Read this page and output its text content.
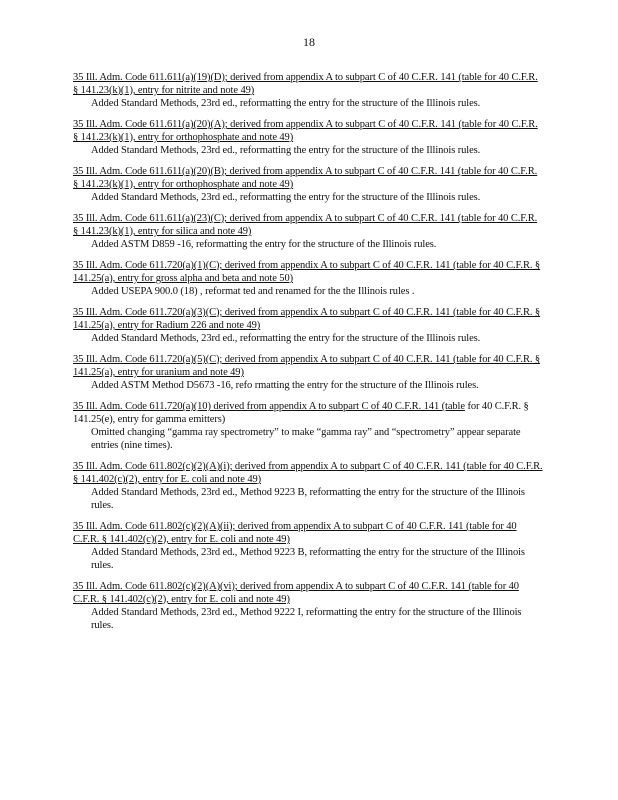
18
35 Ill. Adm. Code 611.611(a)(19)(D); derived from appendix A to subpart C of 40 C.F.R. 141 (table for 40 C.F.R. § 141.23(k)(1), entry for nitrite and note 49)
Added Standard Methods, 23rd ed., reformatting the entry for the structure of the Illinois rules.
35 Ill. Adm. Code 611.611(a)(20)(A); derived from appendix A to subpart C of 40 C.F.R. 141 (table for 40 C.F.R. § 141.23(k)(1), entry for orthophosphate and note 49)
Added Standard Methods, 23rd ed., reformatting the entry for the structure of the Illinois rules.
35 Ill. Adm. Code 611.611(a)(20)(B); derived from appendix A to subpart C of 40 C.F.R. 141 (table for 40 C.F.R. § 141.23(k)(1), entry for orthophosphate and note 49)
Added Standard Methods, 23rd ed., reformatting the entry for the structure of the Illinois rules.
35 Ill. Adm. Code 611.611(a)(23)(C); derived from appendix A to subpart C of 40 C.F.R. 141 (table for 40 C.F.R. § 141.23(k)(1), entry for silica and note 49)
Added ASTM D859 -16, reformatting the entry for the structure of the Illinois rules.
35 Ill. Adm. Code 611.720(a)(1)(C); derived from appendix A to subpart C of 40 C.F.R. 141 (table for 40 C.F.R. § 141.25(a), entry for gross alpha and beta and note 50)
Added USEPA 900.0 (18) , reformat ted and renamed for the the Illinois rules .
35 Ill. Adm. Code 611.720(a)(3)(C); derived from appendix A to subpart C of 40 C.F.R. 141 (table for 40 C.F.R. § 141.25(a), entry for Radium 226 and note 49)
Added Standard Methods, 23rd ed., reformatting the entry for the structure of the Illinois rules.
35 Ill. Adm. Code 611.720(a)(5)(C); derived from appendix A to subpart C of 40 C.F.R. 141 (table for 40 C.F.R. § 141.25(a), entry for uranium and note 49)
Added ASTM Method D5673 -16, refo rmatting the entry for the structure of the Illinois rules.
35 Ill. Adm. Code 611.720(a)(10) derived from appendix A to subpart C of 40 C.F.R. 141 (table for 40 C.F.R. § 141.25(e), entry for gamma emitters)
Omitted changing “gamma ray spectrometry” to make “gamma ray” and “spectrometry” appear separate entries (nine times).
35 Ill. Adm. Code 611.802(c)(2)(A)(i); derived from appendix A to subpart C of 40 C.F.R. 141 (table for 40 C.F.R. § 141.402(c)(2), entry for E. coli and note 49)
Added Standard Methods, 23rd ed., Method 9223 B, reformatting the entry for the structure of the Illinois rules.
35 Ill. Adm. Code 611.802(c)(2)(A)(ii); derived from appendix A to subpart C of 40 C.F.R. 141 (table for 40 C.F.R. § 141.402(c)(2), entry for E. coli and note 49)
Added Standard Methods, 23rd ed., Method 9223 B, reformatting the entry for the structure of the Illinois rules.
35 Ill. Adm. Code 611.802(c)(2)(A)(vi); derived from appendix A to subpart C of 40 C.F.R. 141 (table for 40 C.F.R. § 141.402(c)(2), entry for E. coli and note 49)
Added Standard Methods, 23rd ed., Method 9222 I, reformatting the entry for the structure of the Illinois rules.
